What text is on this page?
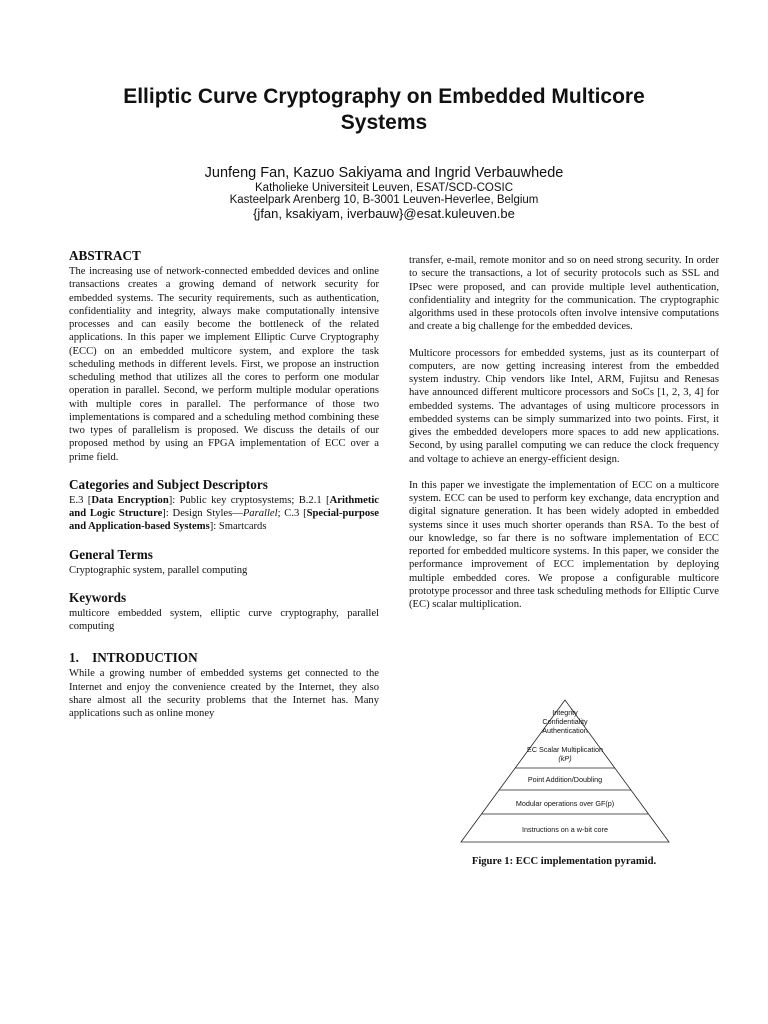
Elliptic Curve Cryptography on Embedded Multicore
Systems
Junfeng Fan, Kazuo Sakiyama and Ingrid Verbauwhede
Katholieke Universiteit Leuven, ESAT/SCD-COSIC
Kasteelpark Arenberg 10, B-3001 Leuven-Heverlee, Belgium
{jfan, ksakiyam, iverbauw}@esat.kuleuven.be
ABSTRACT

The increasing use of network-connected embedded devices and online transactions creates a growing demand of network security for embedded systems. The security requirements, such as authentication, confidentiality and integrity, always make computationally intensive processes and can easily become the bottleneck of the related applications. In this paper we implement Elliptic Curve Cryptography (ECC) on an embedded multicore system, and explore the task scheduling methods in different levels. First, we propose an instruction scheduling method that utilizes all the cores to perform one modular operation in parallel. Second, we perform multiple modular operations with multiple cores in parallel. The performance of those two implementations is compared and a scheduling method combining these two types of parallelism is proposed. We discuss the details of our proposed method by using an FPGA implementation of ECC over a prime field.

Categories and Subject Descriptors

E.3 [Data Encryption]: Public key cryptosystems; B.2.1 [Arithmetic and Logic Structure]: Design Styles—Parallel; C.3 [Special-purpose and Application-based Systems]: Smartcards

General Terms

Cryptographic system, parallel computing

Keywords

multicore embedded system, elliptic curve cryptography, parallel computing

1. INTRODUCTION

While a growing number of embedded systems get connected to the Internet and enjoy the convenience created by the Internet, they also share almost all the security problems that the Internet has. Many applications such as online money

transfer, e-mail, remote monitor and so on need strong security. In order to secure the transactions, a lot of security protocols such as SSL and IPsec were proposed, and can provide multiple level authentication, confidentiality and integrity for the communication. The cryptographic algorithms used in these protocols often involve intensive computations and create a big challenge for the embedded devices.

Multicore processors for embedded systems, just as its counterpart of computers, are now getting increasing interest from the embedded system industry. Chip vendors like Intel, ARM, Fujitsu and Renesas have announced different multicore processors and SoCs [1, 2, 3, 4] for embedded systems. The advantages of using multicore processors in embedded systems can be simply summarized into two points. First, it gives the embedded developers more spaces to add new applications. Second, by using parallel computing we can reduce the clock frequency and voltage to achieve an energy-efficient design.

In this paper we investigate the implementation of ECC on a multicore system. ECC can be used to perform key exchange, data encryption and digital signature generation. It has been widely adopted in embedded systems since it uses much shorter operands than RSA. To the best of our knowledge, so far there is no software implementation of ECC reported for embedded multicore systems. In this paper, we consider the performance improvement of ECC implementation by deploying multiple embedded cores. We propose a configurable multicore prototype processor and three task scheduling methods for Elliptic Curve (EC) scalar multiplication.

Integrity
Confidentiality
Authentication
EC Scalar Multiplication
(kP)
Point Addition/Doubling
Modular operations over GF(p)
Instructions on a w-bit core
Figure 1: ECC implementation pyramid.
